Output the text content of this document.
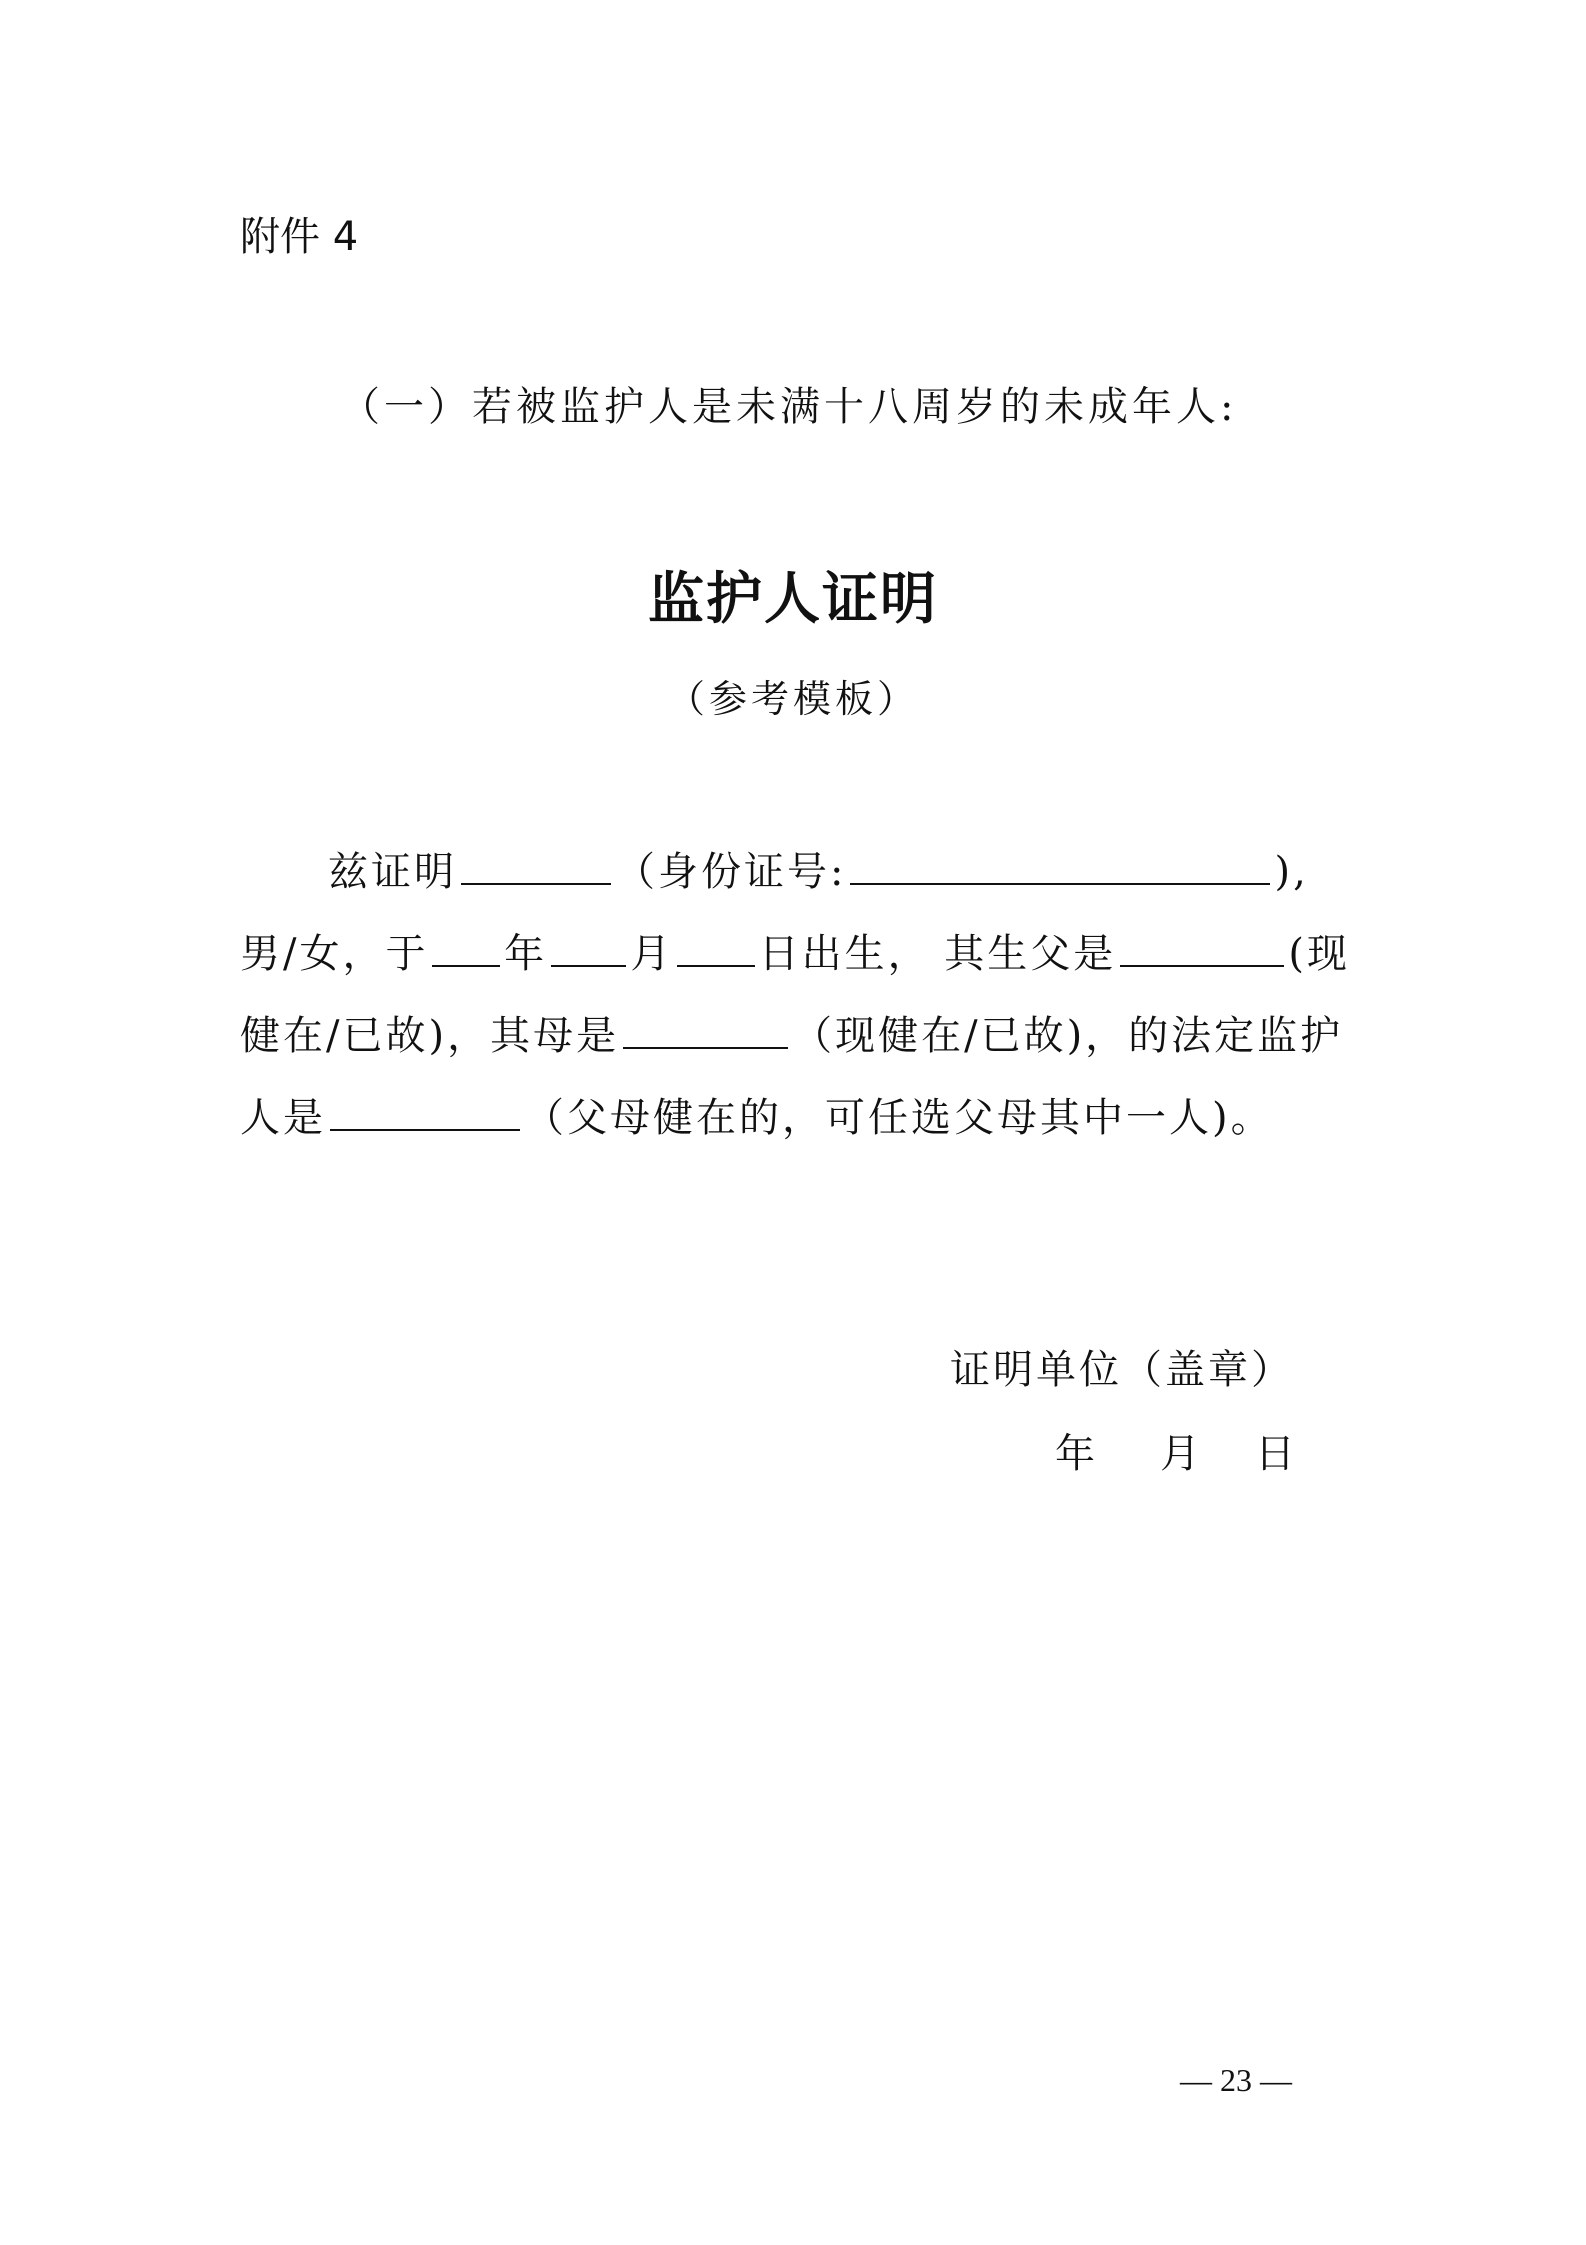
附件 4
（一）若被监护人是未满十八周岁的未成年人:
监护人证明
（参考模板）
兹证明	（身份证号:	),
男/女，于 年 月 日出生， 其生父是	(现
健在/已故)， 其母是	（现健在/已故)， 的法定监护
人是	（父母健在的，可任选父母其中一人)。
证明单位（盖章）
年 月 日
— 23 —
